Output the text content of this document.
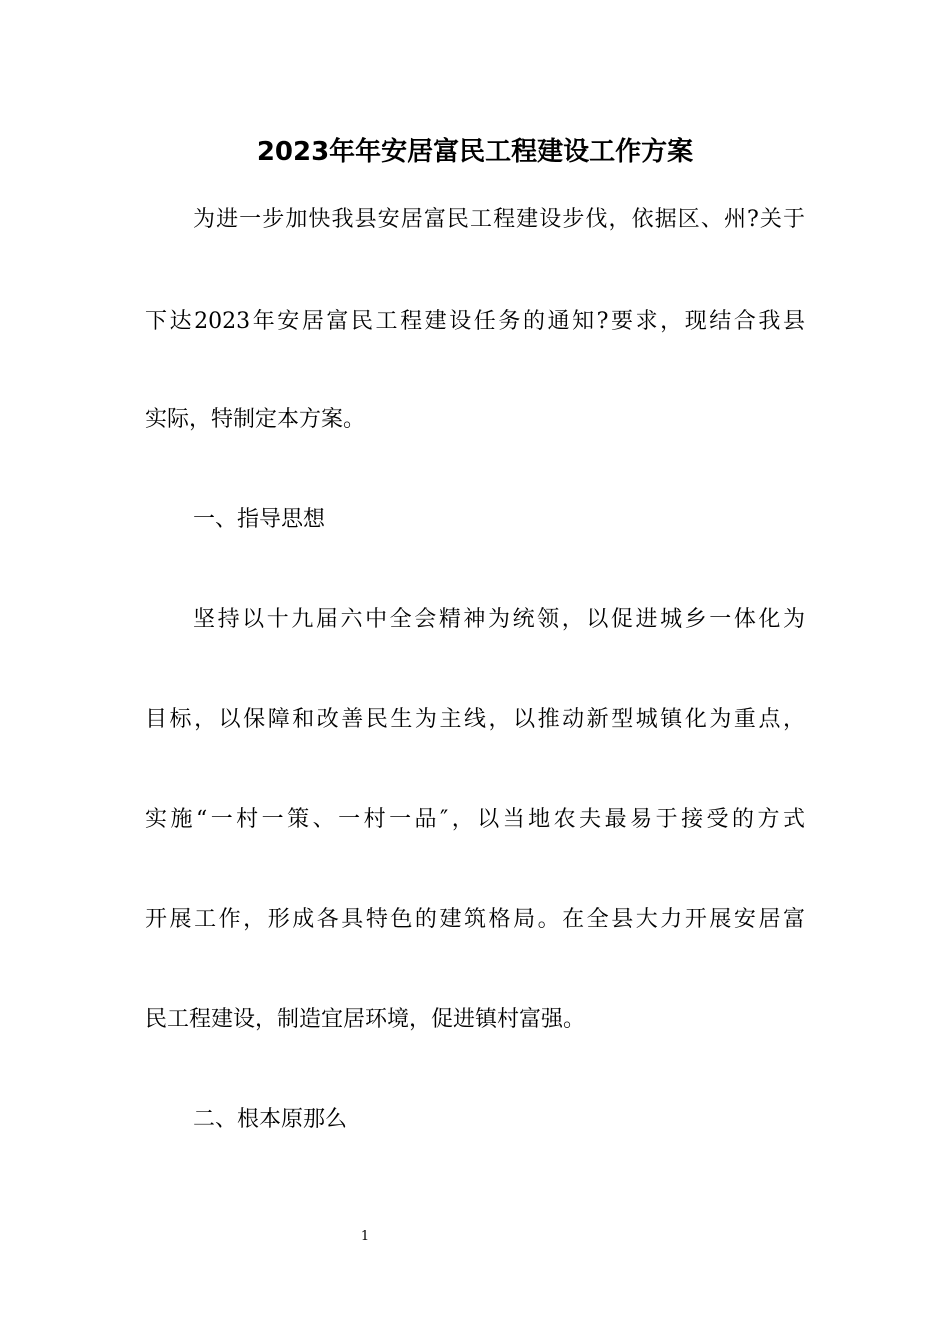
2023年年安居富民工程建设工作方案
为进一步加快我县安居富民工程建设步伐，依据区、州?关于
下达2023年安居富民工程建设任务的通知?要求，现结合我县
实际，特制定本方案。
一、指导思想
坚持以十九届六中全会精神为统领，以促进城乡一体化为
目标，以保障和改善民生为主线，以推动新型城镇化为重点，
实施“一村一策、一村一品″，以当地农夫最易于接受的方式
开展工作，形成各具特色的建筑格局。在全县大力开展安居富
民工程建设，制造宜居环境，促进镇村富强。
二、根本原那么
1
